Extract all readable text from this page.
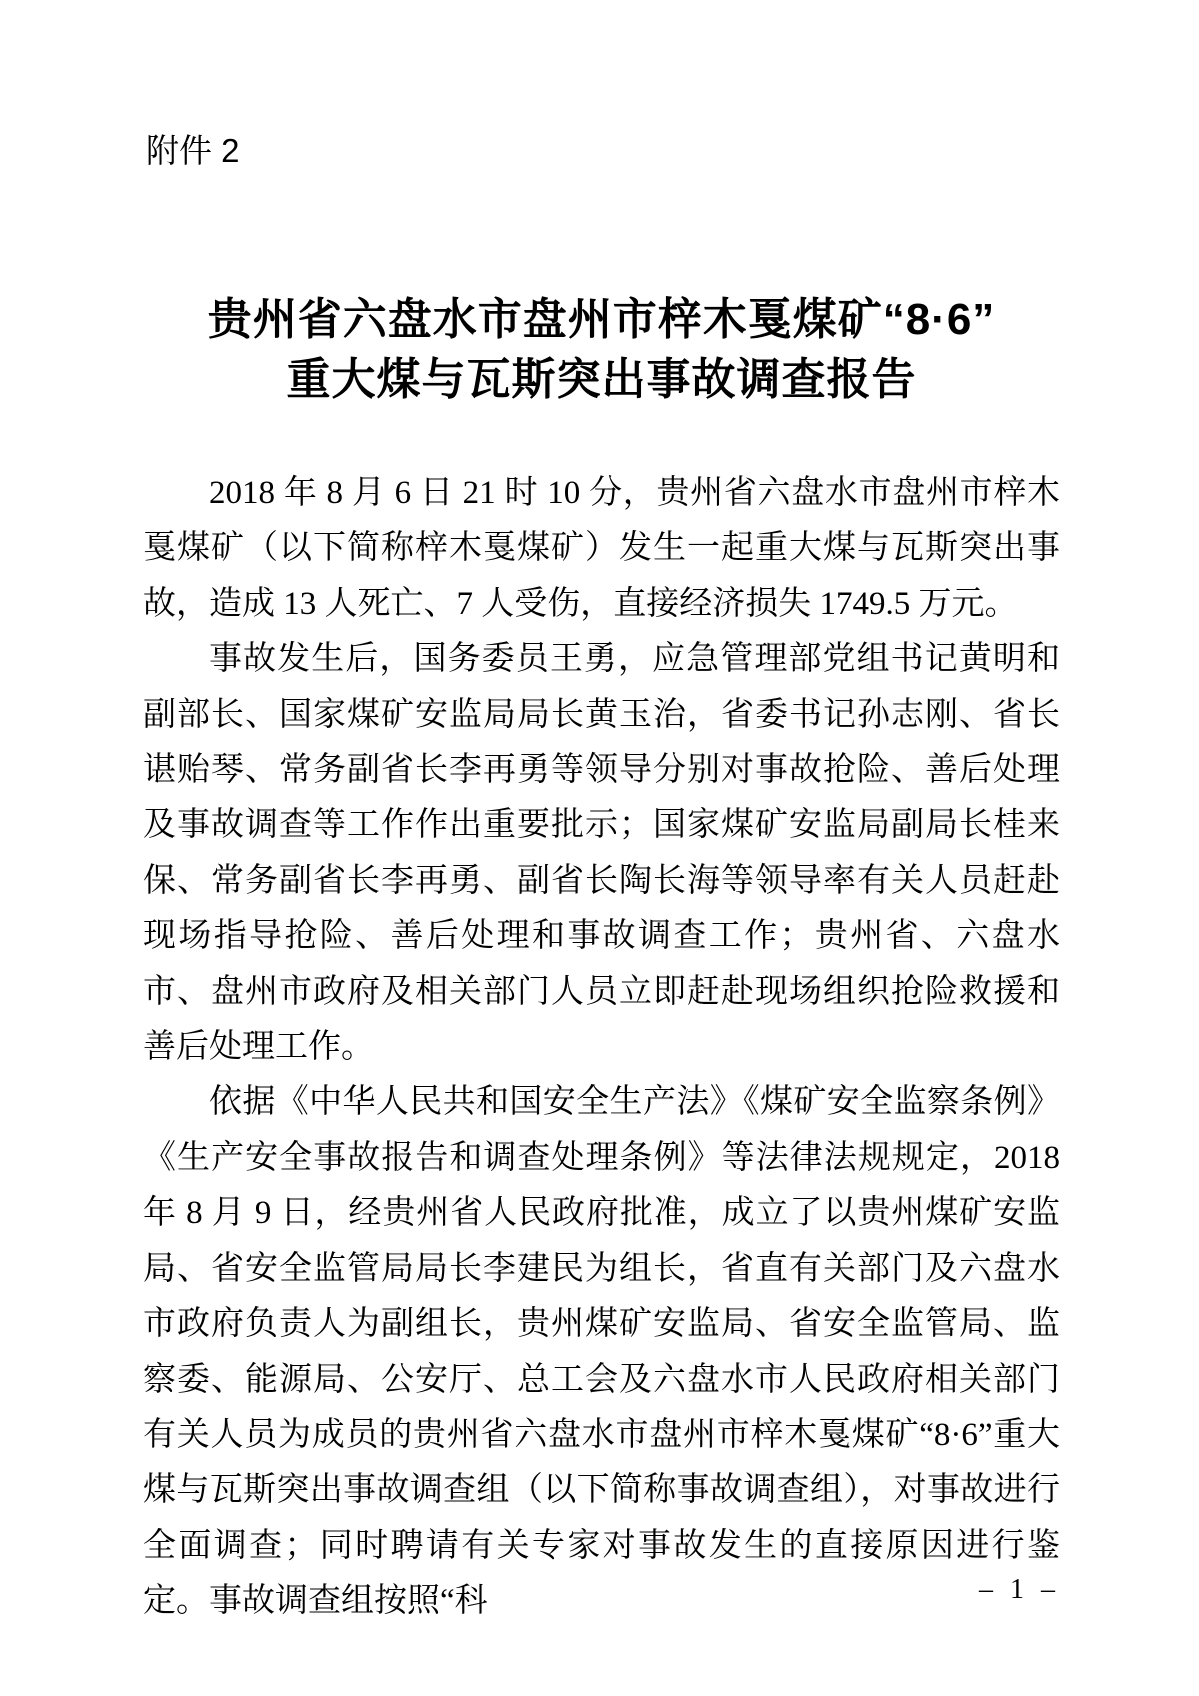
附件 2
贵州省六盘水市盘州市梓木戛煤矿“8·6”
重大煤与瓦斯突出事故调查报告

2018 年 8 月 6 日 21 时 10 分，贵州省六盘水市盘州市梓木戛煤矿（以下简称梓木戛煤矿）发生一起重大煤与瓦斯突出事故，造成 13 人死亡、7 人受伤，直接经济损失 1749.5 万元。

事故发生后，国务委员王勇，应急管理部党组书记黄明和副部长、国家煤矿安监局局长黄玉治，省委书记孙志刚、省长谌贻琴、常务副省长李再勇等领导分别对事故抢险、善后处理及事故调查等工作作出重要批示；国家煤矿安监局副局长桂来保、常务副省长李再勇、副省长陶长海等领导率有关人员赶赴现场指导抢险、善后处理和事故调查工作；贵州省、六盘水市、盘州市政府及相关部门人员立即赶赴现场组织抢险救援和善后处理工作。

依据《中华人民共和国安全生产法》《煤矿安全监察条例》《生产安全事故报告和调查处理条例》等法律法规规定，2018 年 8 月 9 日，经贵州省人民政府批准，成立了以贵州煤矿安监局、省安全监管局局长李建民为组长，省直有关部门及六盘水市政府负责人为副组长，贵州煤矿安监局、省安全监管局、监察委、能源局、公安厅、总工会及六盘水市人民政府相关部门有关人员为成员的贵州省六盘水市盘州市梓木戛煤矿“8·6”重大煤与瓦斯突出事故调查组（以下简称事故调查组），对事故进行全面调查；同时聘请有关专家对事故发生的直接原因进行鉴定。事故调查组按照“科	– 1 –
